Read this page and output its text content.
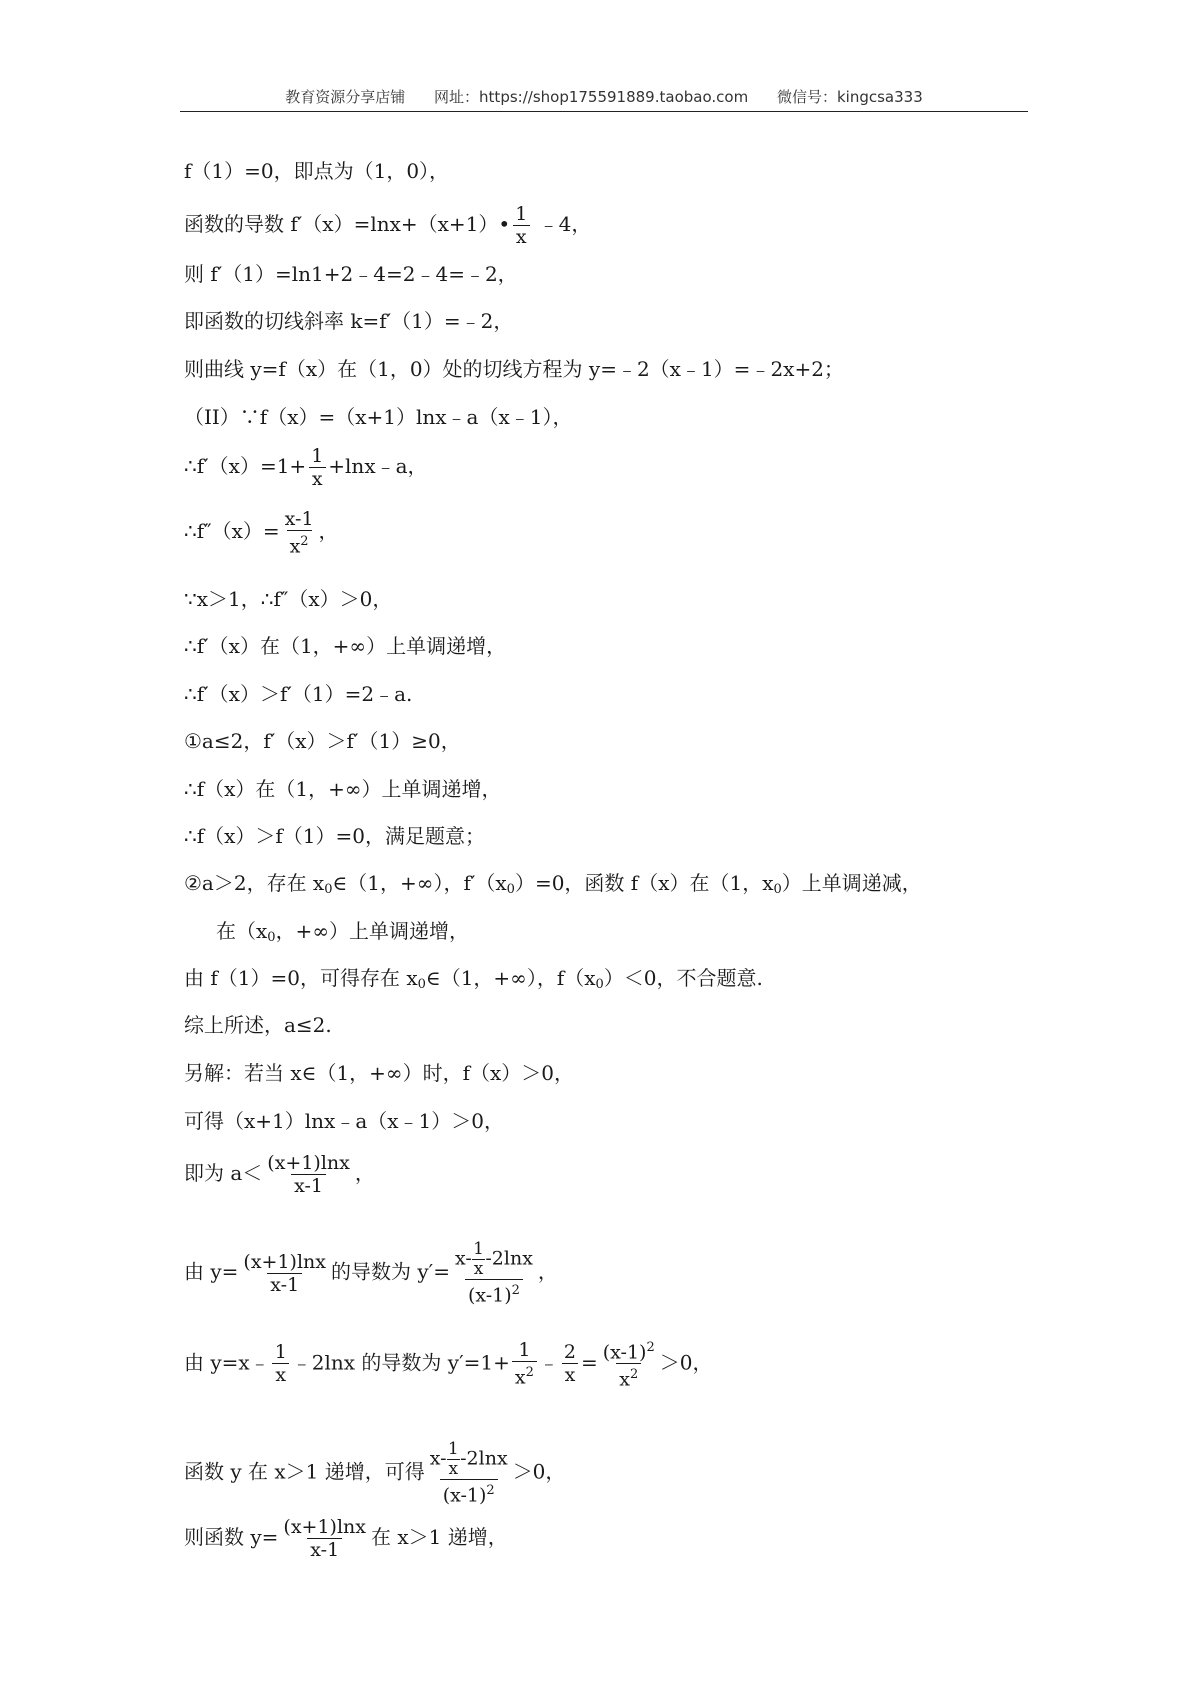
教育资源分享店铺 网址：https://shop175591889.taobao.com 微信号：kingcsa333
f（1）=0，即点为（1，0），
函数的导数 f′（x）=lnx+（x+1）• $\frac{1}{x}$ ﹣4，
则 f′（1）=ln1+2﹣4=2﹣4=﹣2，
即函数的切线斜率 k=f′（1）=﹣2，
则曲线 y=f（x）在（1，0）处的切线方程为 y=﹣2（x﹣1）=﹣2x+2；
（II）∵f（x）=（x+1）lnx﹣a（x﹣1），
∴f′（x）=1+ $\frac{1}{x}$ +lnx﹣a，
∴f″（x）= $\frac{x-1}{x^2}$ ，
∵x＞1，∴f″（x）＞0，
∴f′（x）在（1，+∞）上单调递增，
∴f′（x）＞f′（1）=2﹣a.
①a≤2，f′（x）＞f′（1）≥0，
∴f（x）在（1，+∞）上单调递增，
∴f（x）＞f（1）=0，满足题意；
②a＞2，存在 $x_0\in(1$，+∞），$f'(x_0)=0$，函数 f（x）在（1，$x_0$）上单调递减，
在（$x_0$，+∞）上单调递增，
由 f（1）=0，可得存在 $x_0\in(1$，+∞），$f(x_0)<0$，不合题意.
综上所述，a≤2.
另解：若当 x∈（1，+∞）时，f（x）＞0，
可得（x+1）lnx﹣a（x﹣1）＞0，
即为 $a< \frac{(x+1)\ln x}{x-1}$ ，
由 $y= \frac{(x+1)\ln x}{x-1}$ 的导数为 $y'= \frac{x- \frac{1}{x} -2\ln x}{(x-1)^2}$ ，
由 y=x﹣ $\frac{1}{x}$ ﹣2lnx 的导数为 $y'=1+ \frac{1}{x^2}$ ﹣ $\frac{2}{x} = \frac{(x-1)^2}{x^2} >0$，
函数 y 在 x＞1 递增，可得 $\frac{x- \frac{1}{x} -2\ln x}{(x-1)^2} >0$，
则函数 $y= \frac{(x+1)\ln x}{x-1}$ 在 x＞1 递增，
